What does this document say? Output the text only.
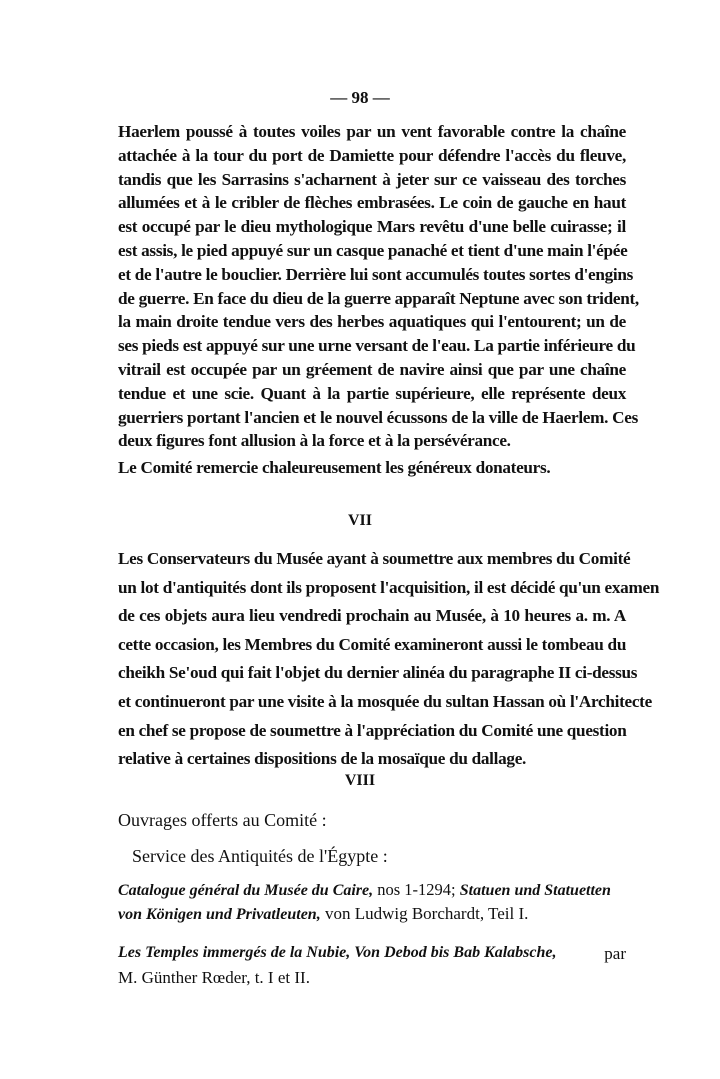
— 98 —
Haerlem poussé à toutes voiles par un vent favorable contre la chaîne
attachée à la tour du port de Damiette pour défendre l'accès du fleuve,
tandis que les Sarrasins s'acharnent à jeter sur ce vaisseau des torches
allumées et à le cribler de flèches embrasées. Le coin de gauche en haut
est occupé par le dieu mythologique Mars revêtu d'une belle cuirasse; il
est assis, le pied appuyé sur un casque panaché et tient d'une main l'épée
et de l'autre le bouclier. Derrière lui sont accumulés toutes sortes d'engins
de guerre. En face du dieu de la guerre apparaît Neptune avec son trident,
la main droite tendue vers des herbes aquatiques qui l'entourent; un de
ses pieds est appuyé sur une urne versant de l'eau. La partie inférieure du
vitrail est occupée par un gréement de navire ainsi que par une chaîne
tendue et une scie. Quant à la partie supérieure, elle représente deux
guerriers portant l'ancien et le nouvel écussons de la ville de Haerlem. Ces
deux figures font allusion à la force et à la persévérance.
Le Comité remercie chaleureusement les généreux donateurs.
VII
Les Conservateurs du Musée ayant à soumettre aux membres du Comité
un lot d'antiquités dont ils proposent l'acquisition, il est décidé qu'un examen
de ces objets aura lieu vendredi prochain au Musée, à 10 heures a. m. A
cette occasion, les Membres du Comité examineront aussi le tombeau du
cheikh Se'oud qui fait l'objet du dernier alinéa du paragraphe II ci-dessus
et continueront par une visite à la mosquée du sultan Hassan où l'Architecte
en chef se propose de soumettre à l'appréciation du Comité une question
relative à certaines dispositions de la mosaïque du dallage.
VIII
Ouvrages offerts au Comité :
Service des Antiquités de l'Égypte :
Catalogue général du Musée du Caire, nos 1-1294; Statuen und Statuetten
von Königen und Privatleuten, von Ludwig Borchardt, Teil I.
Les Temples immergés de la Nubie, Von Debod bis Bab Kalabsche,	par
M. Günther Rœder, t. I et II.
